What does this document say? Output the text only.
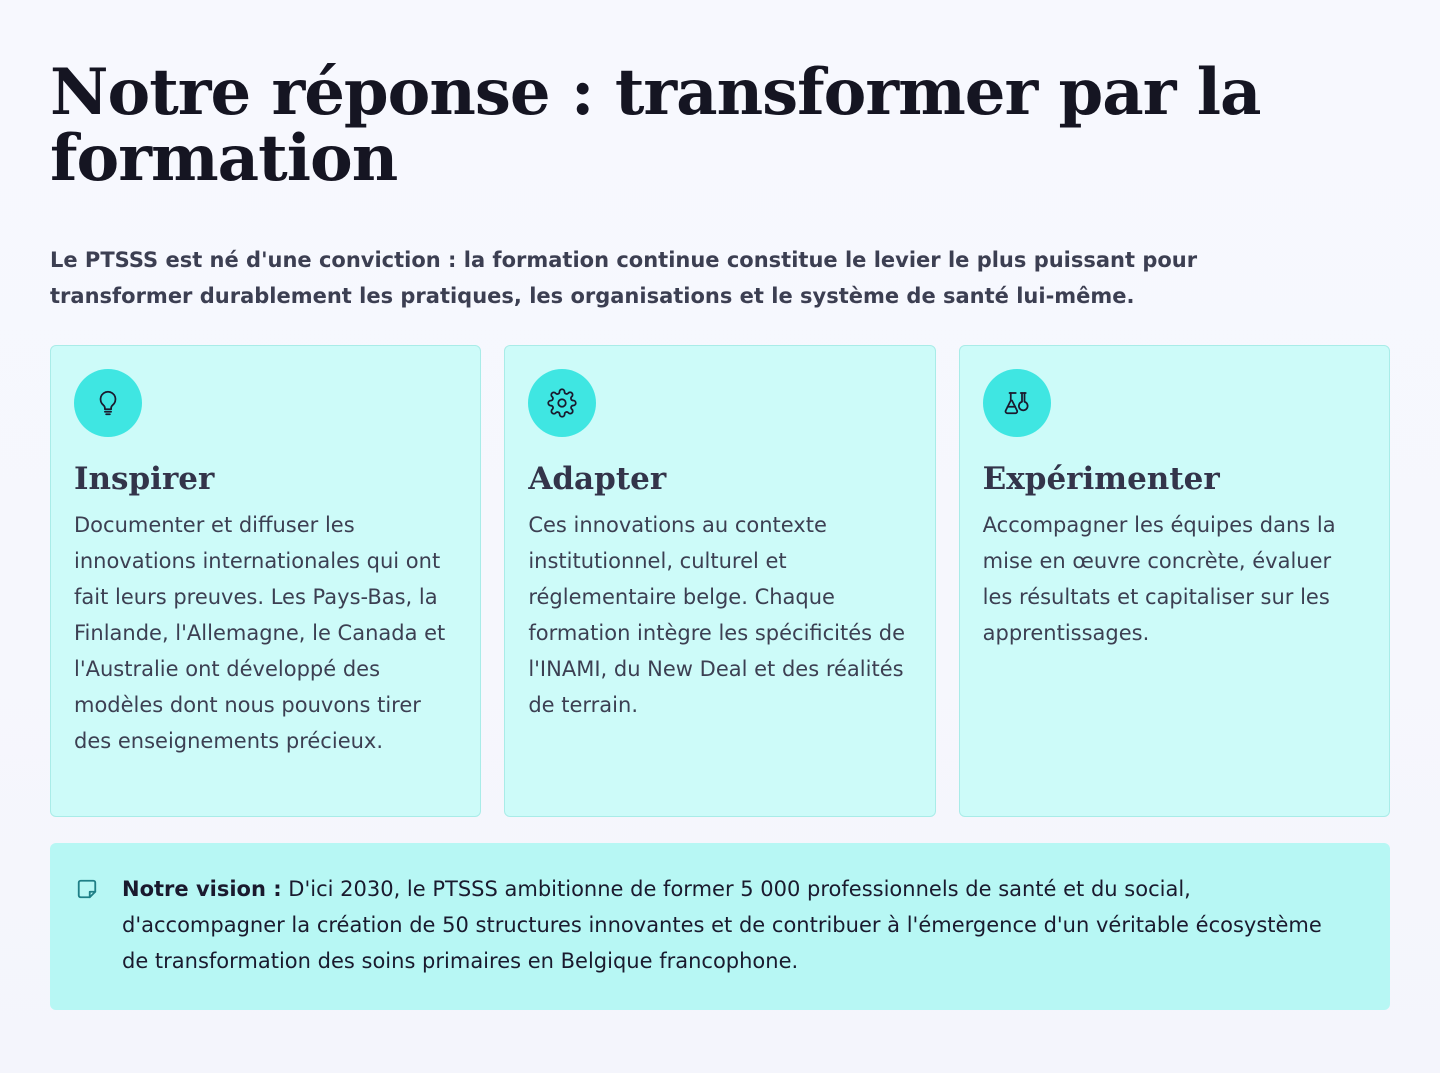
Notre réponse : transformer par la formation

Le PTSSS est né d'une conviction : la formation continue constitue le levier le plus puissant pour transformer durablement les pratiques, les organisations et le système de santé lui-même.

Inspirer

Documenter et diffuser les innovations internationales qui ont fait leurs preuves. Les Pays-Bas, la Finlande, l'Allemagne, le Canada et l'Australie ont développé des modèles dont nous pouvons tirer des enseignements précieux.

Adapter

Ces innovations au contexte institutionnel, culturel et réglementaire belge. Chaque formation intègre les spécificités de l'INAMI, du New Deal et des réalités de terrain.

Expérimenter

Accompagner les équipes dans la mise en œuvre concrète, évaluer les résultats et capitaliser sur les apprentissages.

Notre vision : D'ici 2030, le PTSSS ambitionne de former 5 000 professionnels de santé et du social, d'accompagner la création de 50 structures innovantes et de contribuer à l'émergence d'un véritable écosystème de transformation des soins primaires en Belgique francophone.
